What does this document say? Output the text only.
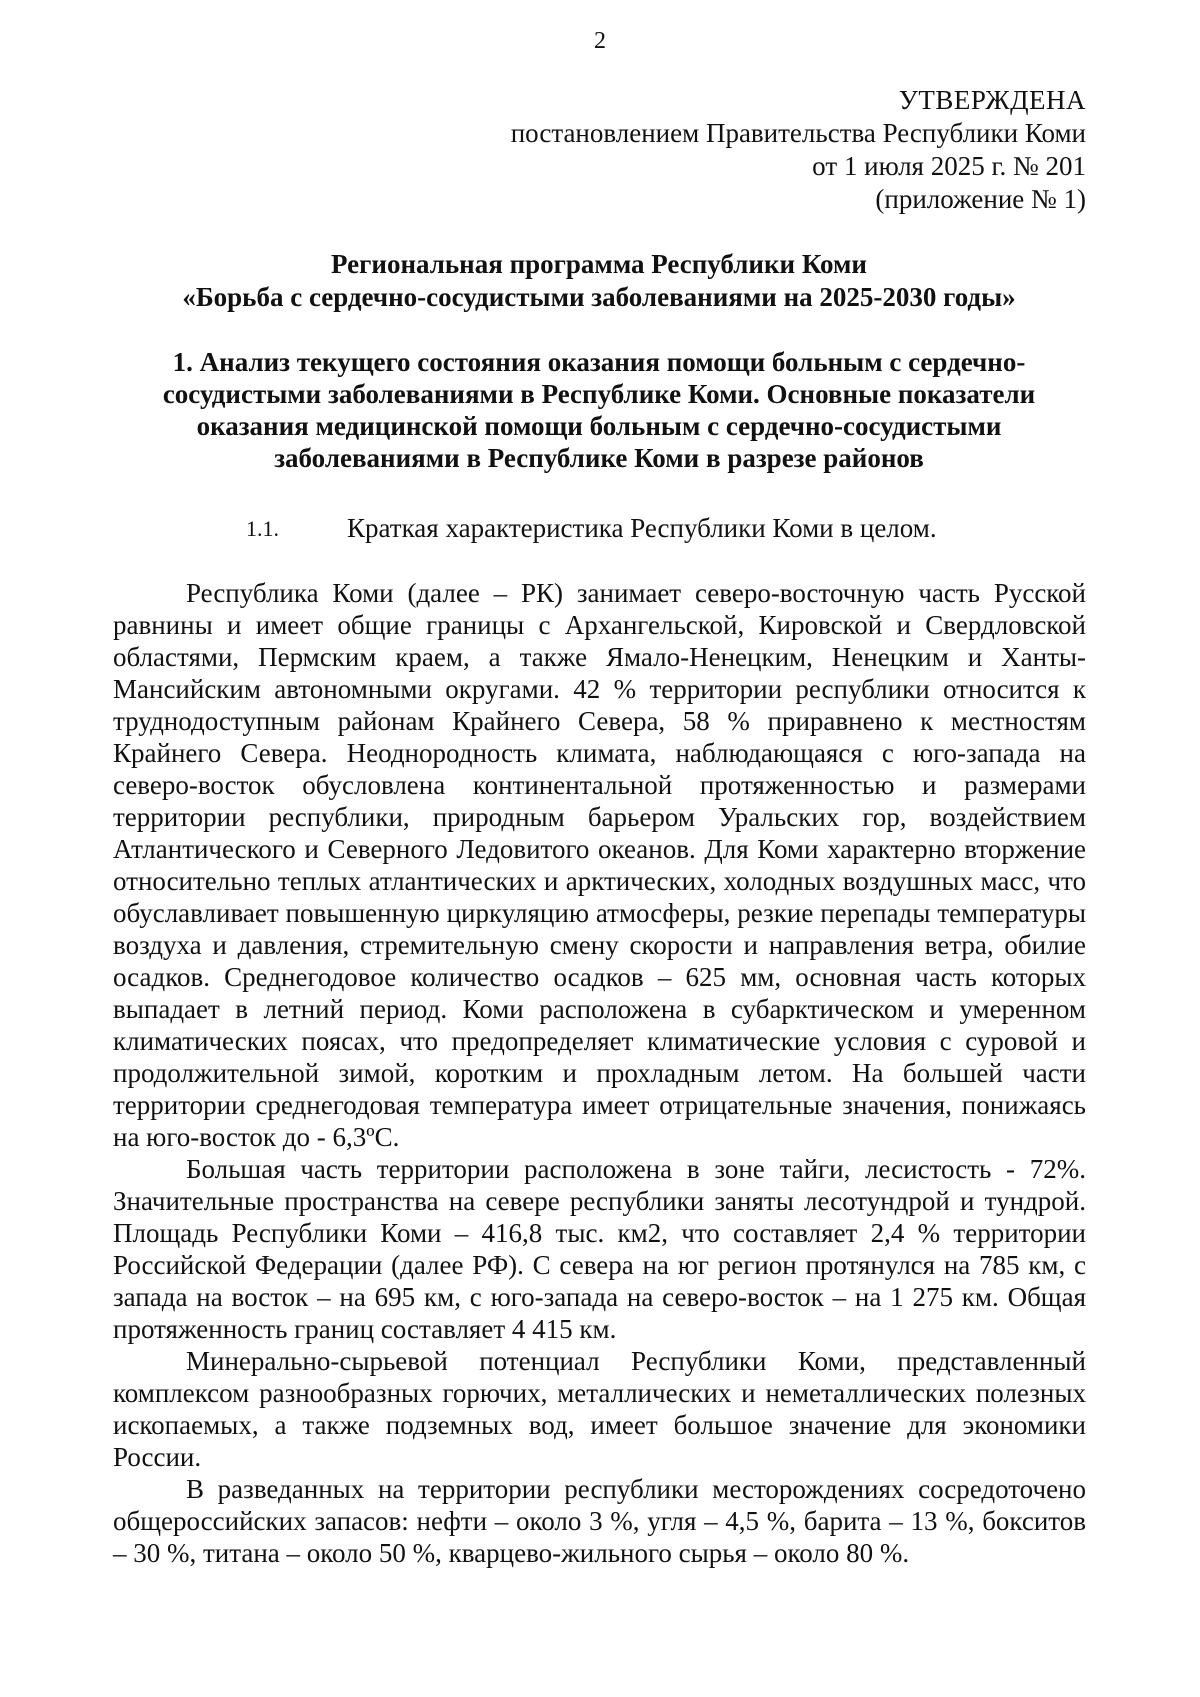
2
УТВЕРЖДЕНА
постановлением Правительства Республики Коми
от 1 июля 2025 г. № 201
(приложение № 1)
Региональная программа Республики Коми
«Борьба с сердечно-сосудистыми заболеваниями на 2025-2030 годы»
1. Анализ текущего состояния оказания помощи больным с сердечно-
сосудистыми заболеваниями в Республике Коми. Основные показатели
оказания медицинской помощи больным с сердечно-сосудистыми
заболеваниями в Республике Коми в разрезе районов
1.1.	Краткая характеристика Республики Коми в целом.

Республика Коми (далее – РК) занимает северо-восточную часть Русской равнины и имеет общие границы с Архангельской, Кировской и Свердловской областями, Пермским краем, а также Ямало-Ненецким, Ненецким и Ханты-Мансийским автономными округами. 42 % территории республики относится к труднодоступным районам Крайнего Севера, 58 % приравнено к местностям Крайнего Севера. Неоднородность климата, наблюдающаяся с юго-запада на северо-восток обусловлена континентальной протяженностью и размерами территории республики, природным барьером Уральских гор, воздействием Атлантического и Северного Ледовитого океанов. Для Коми характерно вторжение относительно теплых атлантических и арктических, холодных воздушных масс, что обуславливает повышенную циркуляцию атмосферы, резкие перепады температуры воздуха и давления, стремительную смену скорости и направления ветра, обилие осадков. Среднегодовое количество осадков – 625 мм, основная часть которых выпадает в летний период. Коми расположена в субарктическом и умеренном климатических поясах, что предопределяет климатические условия с суровой и продолжительной зимой, коротким и прохладным летом. На большей части территории среднегодовая температура имеет отрицательные значения, понижаясь на юго-восток до - 6,3ºС.

Большая часть территории расположена в зоне тайги, лесистость - 72%. Значительные пространства на севере республики заняты лесотундрой и тундрой. Площадь Республики Коми – 416,8 тыс. км2, что составляет 2,4 % территории Российской Федерации (далее РФ). С севера на юг регион протянулся на 785 км, с запада на восток – на 695 км, с юго-запада на северо-восток – на 1 275 км. Общая протяженность границ составляет 4 415 км.

Минерально-сырьевой потенциал Республики Коми, представленный комплексом разнообразных горючих, металлических и неметаллических полезных ископаемых, а также подземных вод, имеет большое значение для экономики России.

В разведанных на территории республики месторождениях сосредоточено общероссийских запасов: нефти – около 3 %, угля – 4,5 %, барита – 13 %, бокситов – 30 %, титана – около 50 %, кварцево-жильного сырья – около 80 %.
